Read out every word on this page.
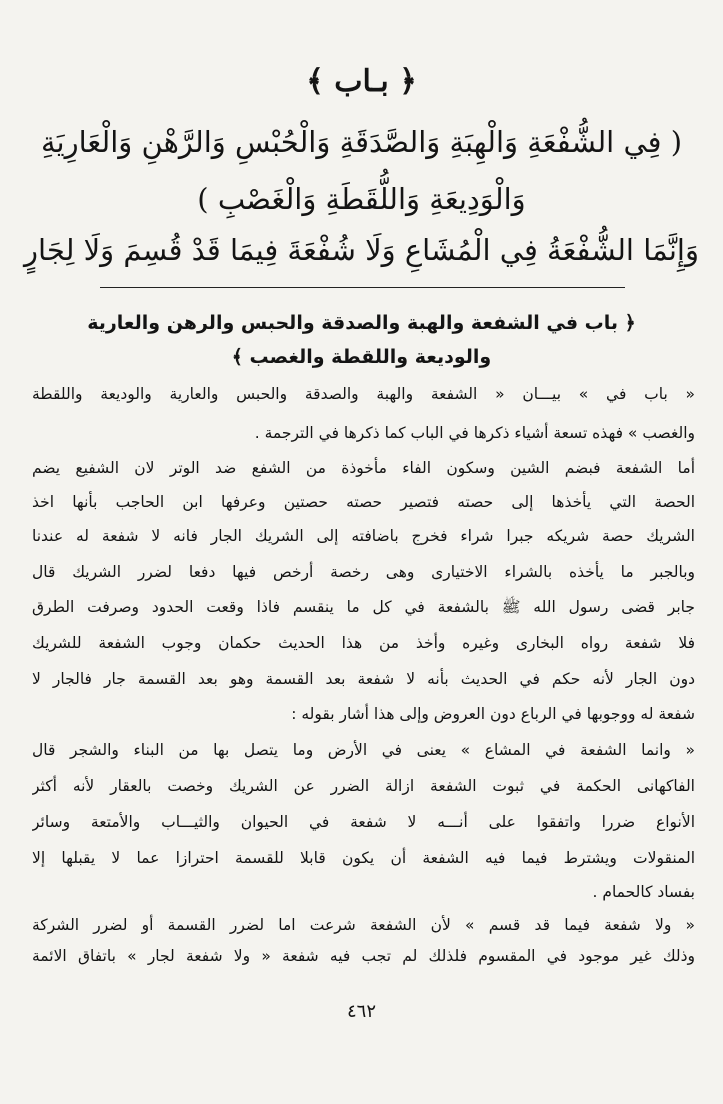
﴿ بـاب ﴾
( فِي الشُّفْعَةِ وَالْهِبَةِ وَالصَّدَقَةِ وَالْحُبْسِ وَالرَّهْنِ وَالْعَارِيَةِ
وَالْوَدِيعَةِ وَاللُّقَطَةِ وَالْغَصْبِ )
وَإِنَّمَا الشُّفْعَةُ فِي الْمُشَاعِ وَلَا شُفْعَةَ فِيمَا قَدْ قُسِمَ وَلَا لِجَارٍ
﴿ باب في الشفعة والهبة والصدقة والحبس والرهن والعارية
والوديعة واللقطة والغصب ﴾
« باب في » بيـــان « الشفعة والهبة والصدقة والحبس والعارية والوديعة واللقطة
والغصب » فهذه تسعة أشياء ذكرها في الباب كما ذكرها في الترجمة .
أما الشفعة فبضم الشين وسكون الفاء مأخوذة من الشفع ضد الوتر لان الشفيع يضم
الحصة التي يأخذها إلى حصته فتصير حصته حصتين وعرفها ابن الحاجب بأنها اخذ
الشريك حصة شريكه جبرا شراء فخرج باضافته إلى الشريك الجار فانه لا شفعة له عندنا
وبالجبر ما يأخذه بالشراء الاختيارى وهى رخصة أرخص فيها دفعا لضرر الشريك قال
جابر قضى رسول الله ﷺ بالشفعة في كل ما ينقسم فاذا وقعت الحدود وصرفت الطرق
فلا شفعة رواه البخارى وغيره وأخذ من هذا الحديث حكمان وجوب الشفعة للشريك
دون الجار لأنه حكم في الحديث بأنه لا شفعة بعد القسمة وهو بعد القسمة جار فالجار لا
شفعة له ووجوبها في الرباع دون العروض وإلى هذا أشار بقوله :
« وانما الشفعة في المشاع » يعنى في الأرض وما يتصل بها من البناء والشجر قال
الفاكهانى الحكمة في ثبوت الشفعة ازالة الضرر عن الشريك وخصت بالعقار لأنه أكثر
الأنواع ضررا واتفقوا على أنـــه لا شفعة في الحيوان والثيـــاب والأمتعة وسائر
المنقولات ويشترط فيما فيه الشفعة أن يكون قابلا للقسمة احترازا عما لا يقبلها إلا
بفساد كالحمام .
« ولا شفعة فيما قد قسم » لأن الشفعة شرعت اما لضرر القسمة أو لضرر الشركة
وذلك غير موجود في المقسوم فلذلك لم تجب فيه شفعة « ولا شفعة لجار » باتفاق الائمة
٤٦٢
